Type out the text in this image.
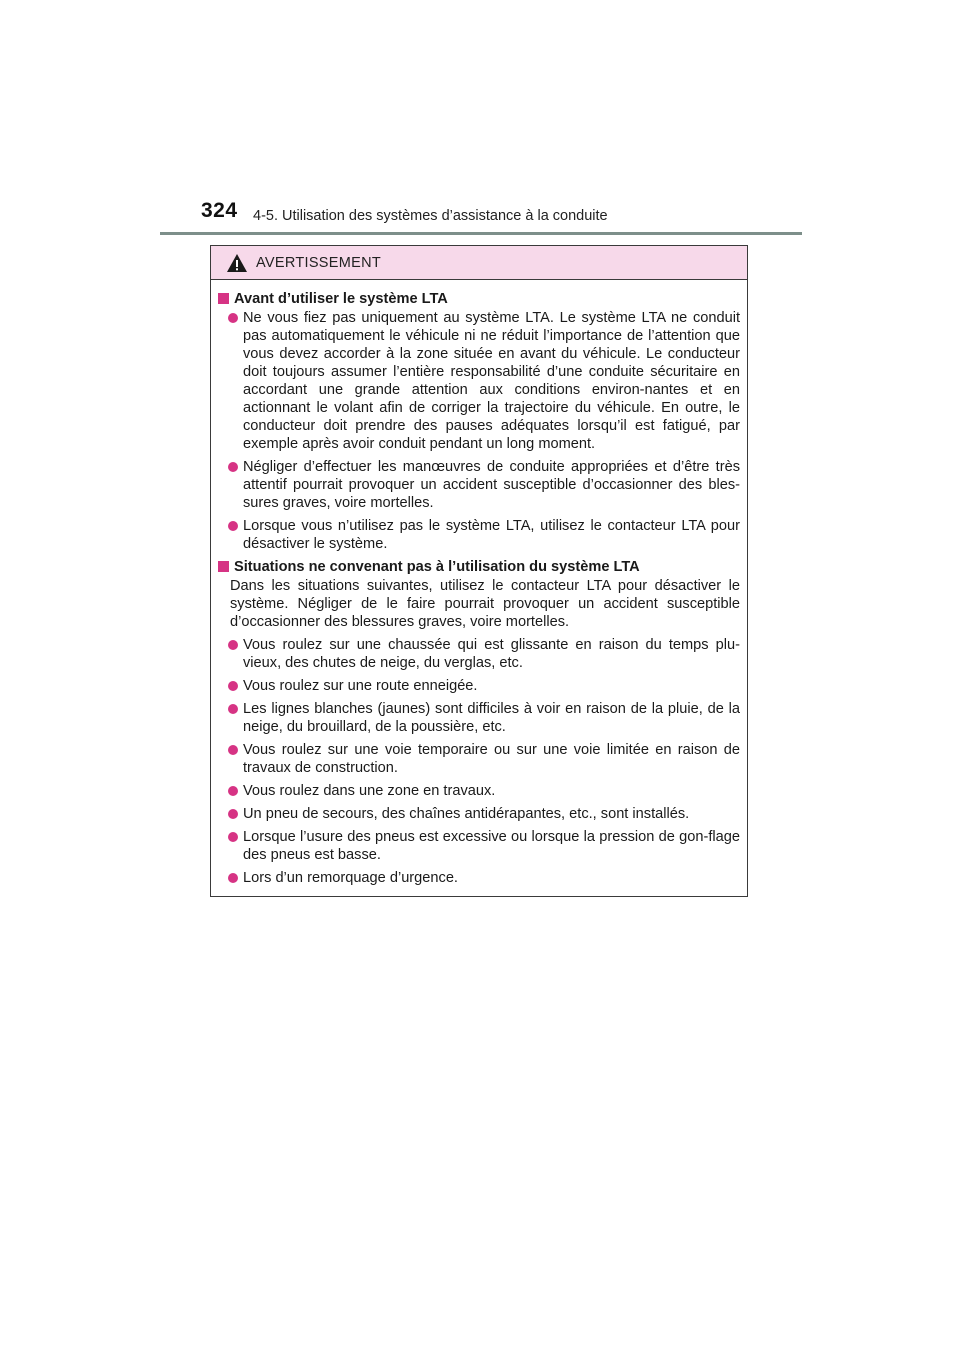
324 4-5. Utilisation des systèmes d’assistance à la conduite
AVERTISSEMENT
Avant d’utiliser le système LTA
Ne vous fiez pas uniquement au système LTA. Le système LTA ne conduit pas automatiquement le véhicule ni ne réduit l’importance de l’attention que vous devez accorder à la zone située en avant du véhicule. Le conducteur doit toujours assumer l’entière responsabilité d’une conduite sécuritaire en accordant une grande attention aux conditions environ-nantes et en actionnant le volant afin de corriger la trajectoire du véhicule. En outre, le conducteur doit prendre des pauses adéquates lorsqu’il est fatigué, par exemple après avoir conduit pendant un long moment.
Négliger d’effectuer les manœuvres de conduite appropriées et d’être très attentif pourrait provoquer un accident susceptible d’occasionner des bles-sures graves, voire mortelles.
Lorsque vous n’utilisez pas le système LTA, utilisez le contacteur LTA pour désactiver le système.
Situations ne convenant pas à l’utilisation du système LTA
Dans les situations suivantes, utilisez le contacteur LTA pour désactiver le système. Négliger de le faire pourrait provoquer un accident susceptible d’occasionner des blessures graves, voire mortelles.
Vous roulez sur une chaussée qui est glissante en raison du temps plu-vieux, des chutes de neige, du verglas, etc.
Vous roulez sur une route enneigée.
Les lignes blanches (jaunes) sont difficiles à voir en raison de la pluie, de la neige, du brouillard, de la poussière, etc.
Vous roulez sur une voie temporaire ou sur une voie limitée en raison de travaux de construction.
Vous roulez dans une zone en travaux.
Un pneu de secours, des chaînes antidérapantes, etc., sont installés.
Lorsque l’usure des pneus est excessive ou lorsque la pression de gon-flage des pneus est basse.
Lors d’un remorquage d’urgence.
